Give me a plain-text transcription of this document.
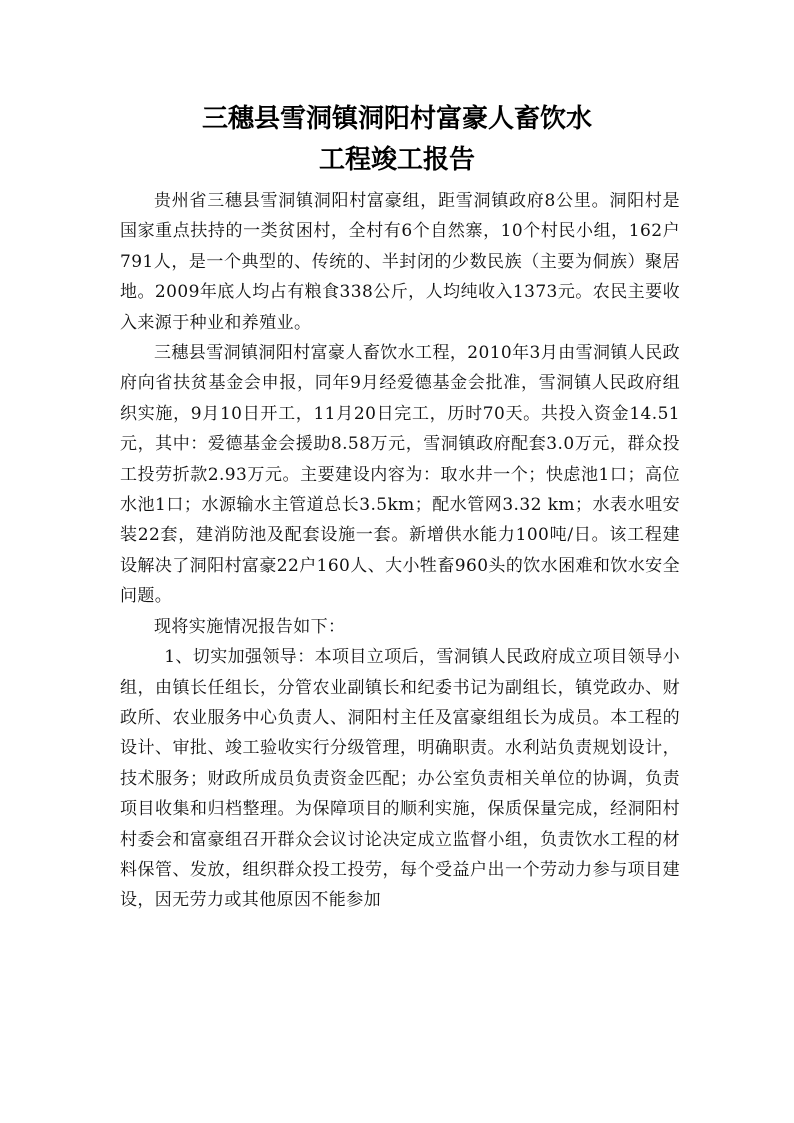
三穗县雪洞镇洞阳村富豪人畜饮水
工程竣工报告

贵州省三穗县雪洞镇洞阳村富豪组，距雪洞镇政府8公里。洞阳村是国家重点扶持的一类贫困村，全村有6个自然寨，10个村民小组，162户791人，是一个典型的、传统的、半封闭的少数民族（主要为侗族）聚居地。2009年底人均占有粮食338公斤，人均纯收入1373元。农民主要收入来源于种业和养殖业。

三穗县雪洞镇洞阳村富豪人畜饮水工程，2010年3月由雪洞镇人民政府向省扶贫基金会申报，同年9月经爱德基金会批准，雪洞镇人民政府组织实施，9月10日开工，11月20日完工，历时70天。共投入资金14.51元，其中：爱德基金会援助8.58万元，雪洞镇政府配套3.0万元，群众投工投劳折款2.93万元。主要建设内容为：取水井一个；快虑池1口；高位水池1口；水源输水主管道总长3.5km；配水管网3.32 km；水表水咀安装22套，建消防池及配套设施一套。新增供水能力100吨/日。该工程建设解决了洞阳村富豪22户160人、大小牲畜960头的饮水困难和饮水安全问题。

现将实施情况报告如下：

1、切实加强领导：本项目立项后，雪洞镇人民政府成立项目领导小组，由镇长任组长，分管农业副镇长和纪委书记为副组长，镇党政办、财政所、农业服务中心负责人、洞阳村主任及富豪组组长为成员。本工程的设计、审批、竣工验收实行分级管理，明确职责。水利站负责规划设计，技术服务；财政所成员负责资金匹配；办公室负责相关单位的协调，负责项目收集和归档整理。为保障项目的顺利实施，保质保量完成，经洞阳村村委会和富豪组召开群众会议讨论决定成立监督小组，负责饮水工程的材料保管、发放，组织群众投工投劳，每个受益户出一个劳动力参与项目建设，因无劳力或其他原因不能参加
